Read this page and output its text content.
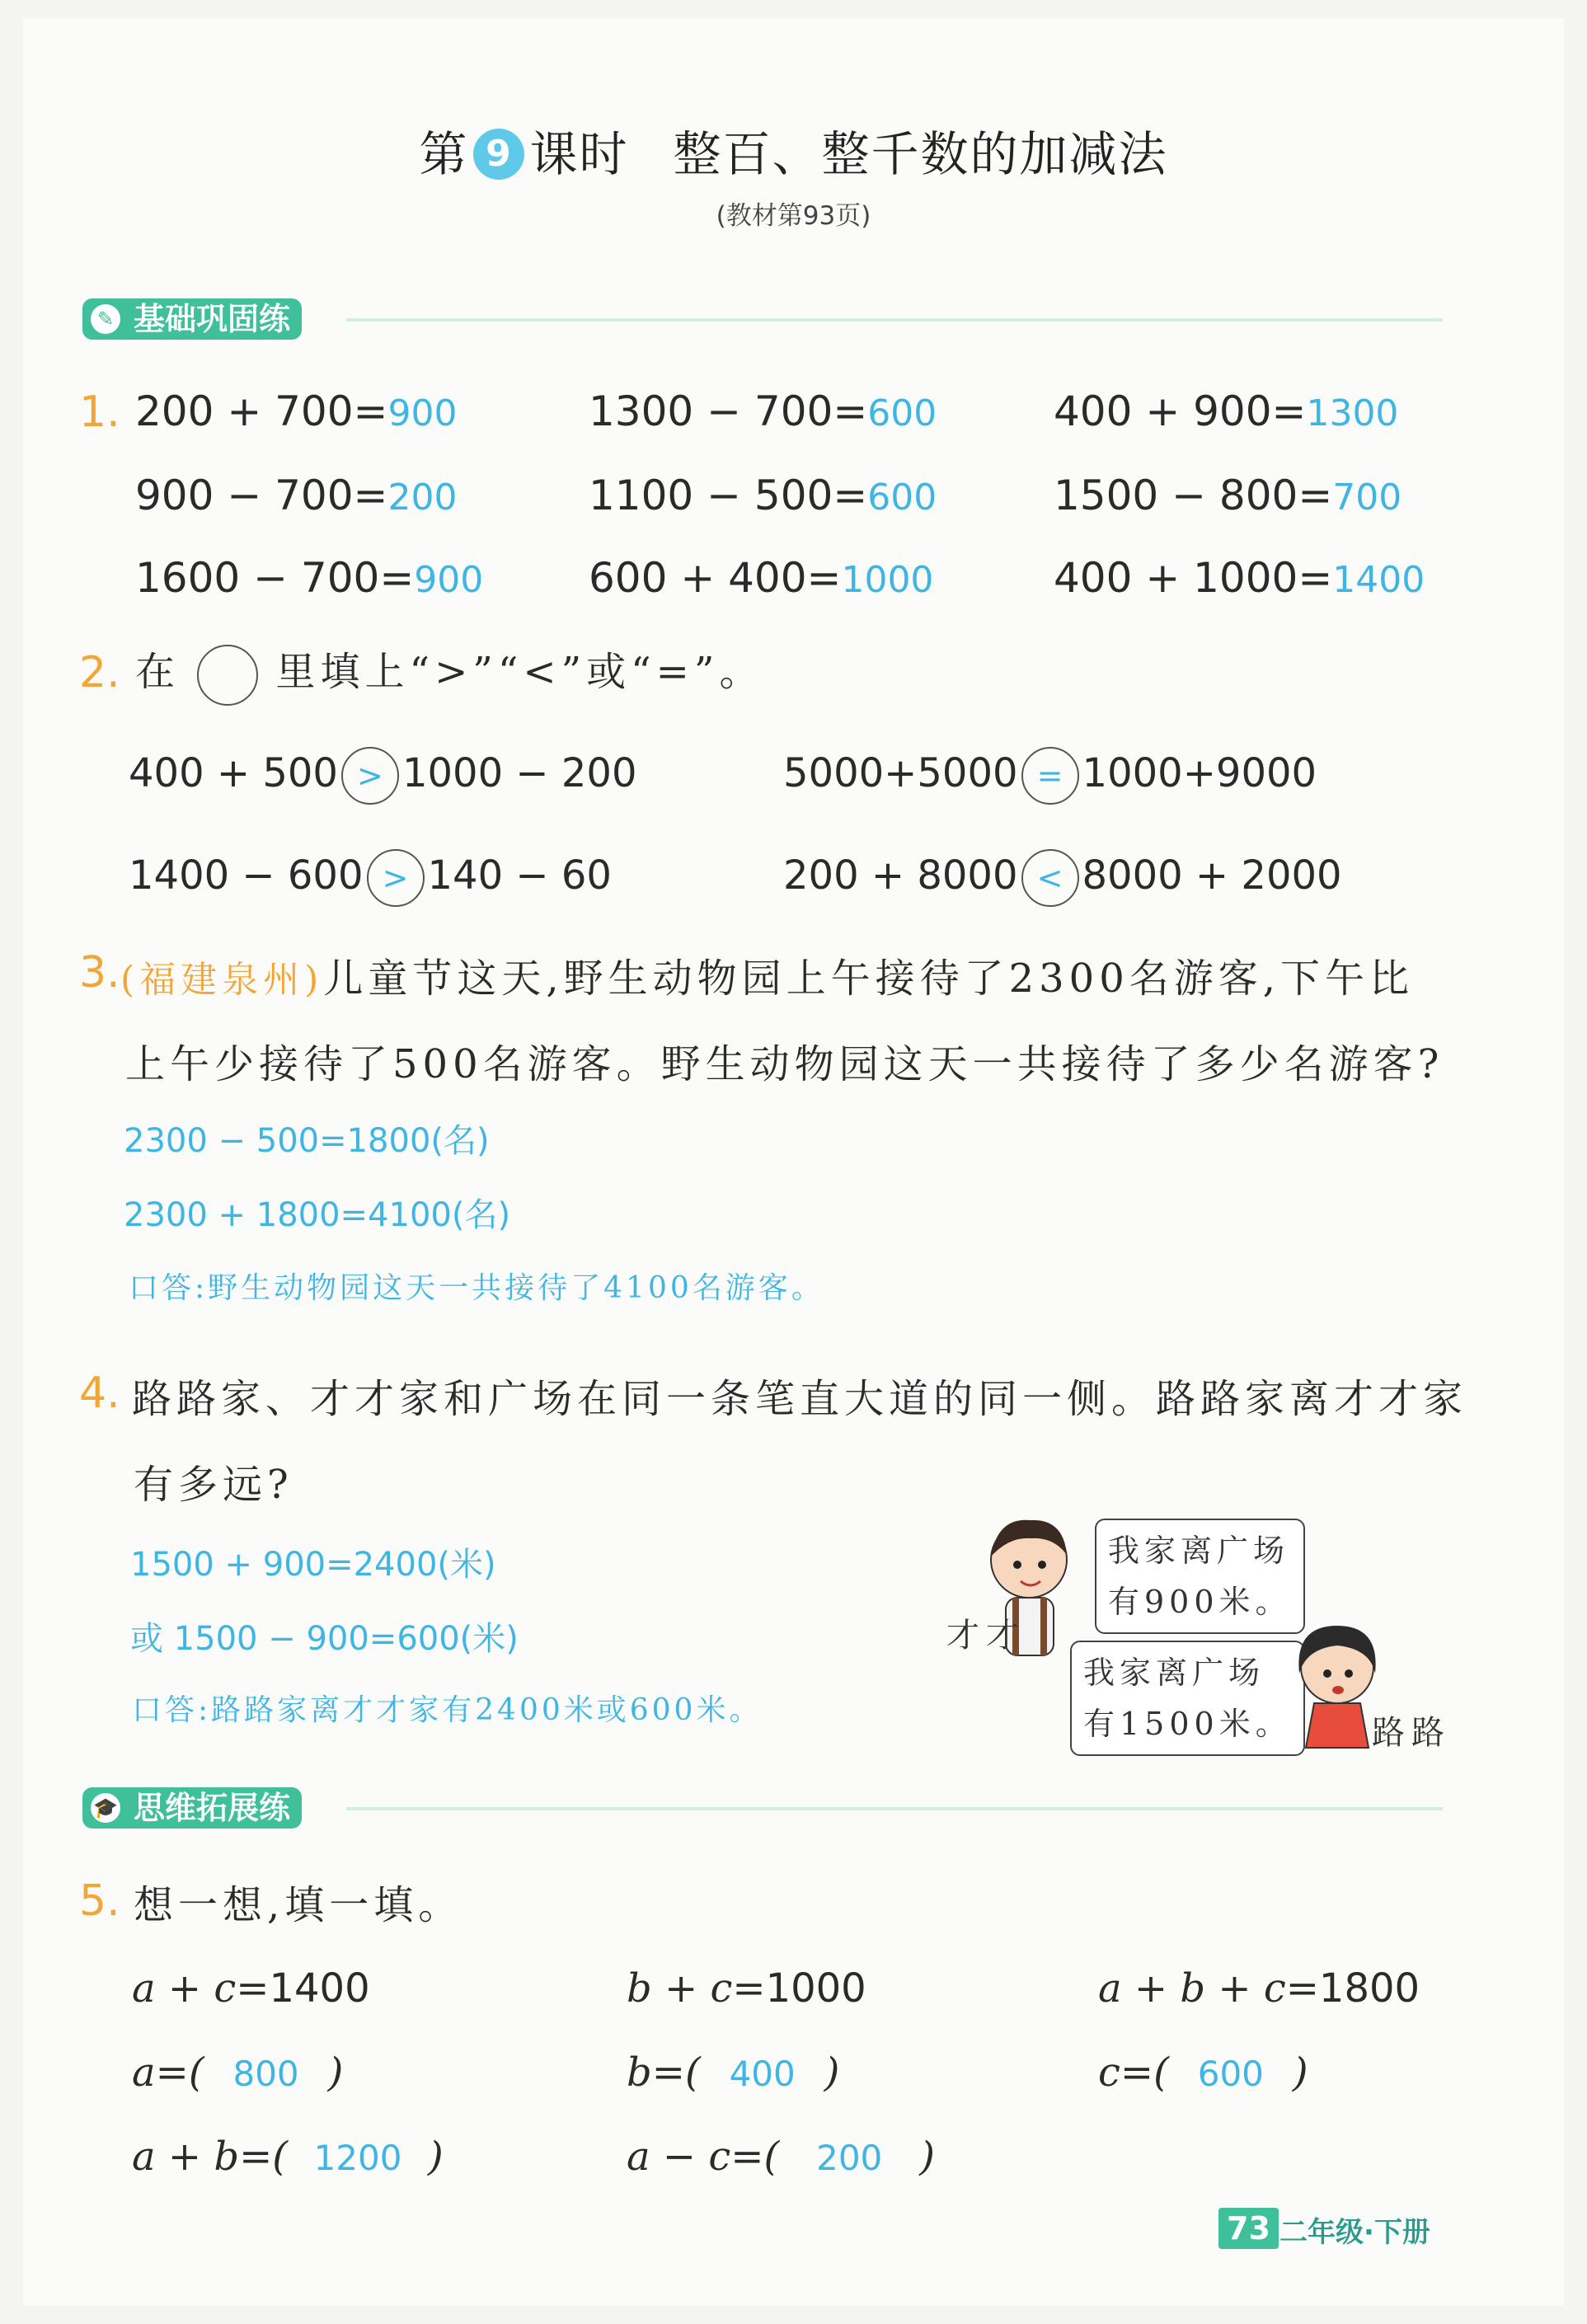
第 9 课时 整百、整千数的加减法
(教材第93页)
✎ 基础巩固练
1. 200 + 700=900	1300 − 700=600	400 + 900=1300
900 − 700=200	1100 − 500=600	1500 − 800=700
1600 − 700=900	600 + 400=1000	400 + 1000=1400
2. 在 里填上“>”“<”或“=”。
400 + 500 > 1000 − 200	5000+5000 = 1000+9000
1400 − 600 > 140 − 60	200 + 8000 < 8000 + 2000
3. (福建泉州)儿童节这天,野生动物园上午接待了2300名游客,下午比
上午少接待了500名游客。野生动物园这天一共接待了多少名游客?
2300 − 500=1800(名)
2300 + 1800=4100(名)
口答:野生动物园这天一共接待了4100名游客。
4. 路路家、才才家和广场在同一条笔直大道的同一侧。路路家离才才家
有多远?
1500 + 900=2400(米)
或 1500 − 900=600(米)
口答:路路家离才才家有2400米或600米。
才才
我家离广场
有900米。
我家离广场
有1500米。 路路
🎓 思维拓展练
5. 想一想,填一填。
a + c=1400	b + c=1000	a + b + c=1800
a=( 800 )	b=( 400 )	c=( 600 )
a + b=( 1200 )	a − c=( 200 )
73 二年级·下册
